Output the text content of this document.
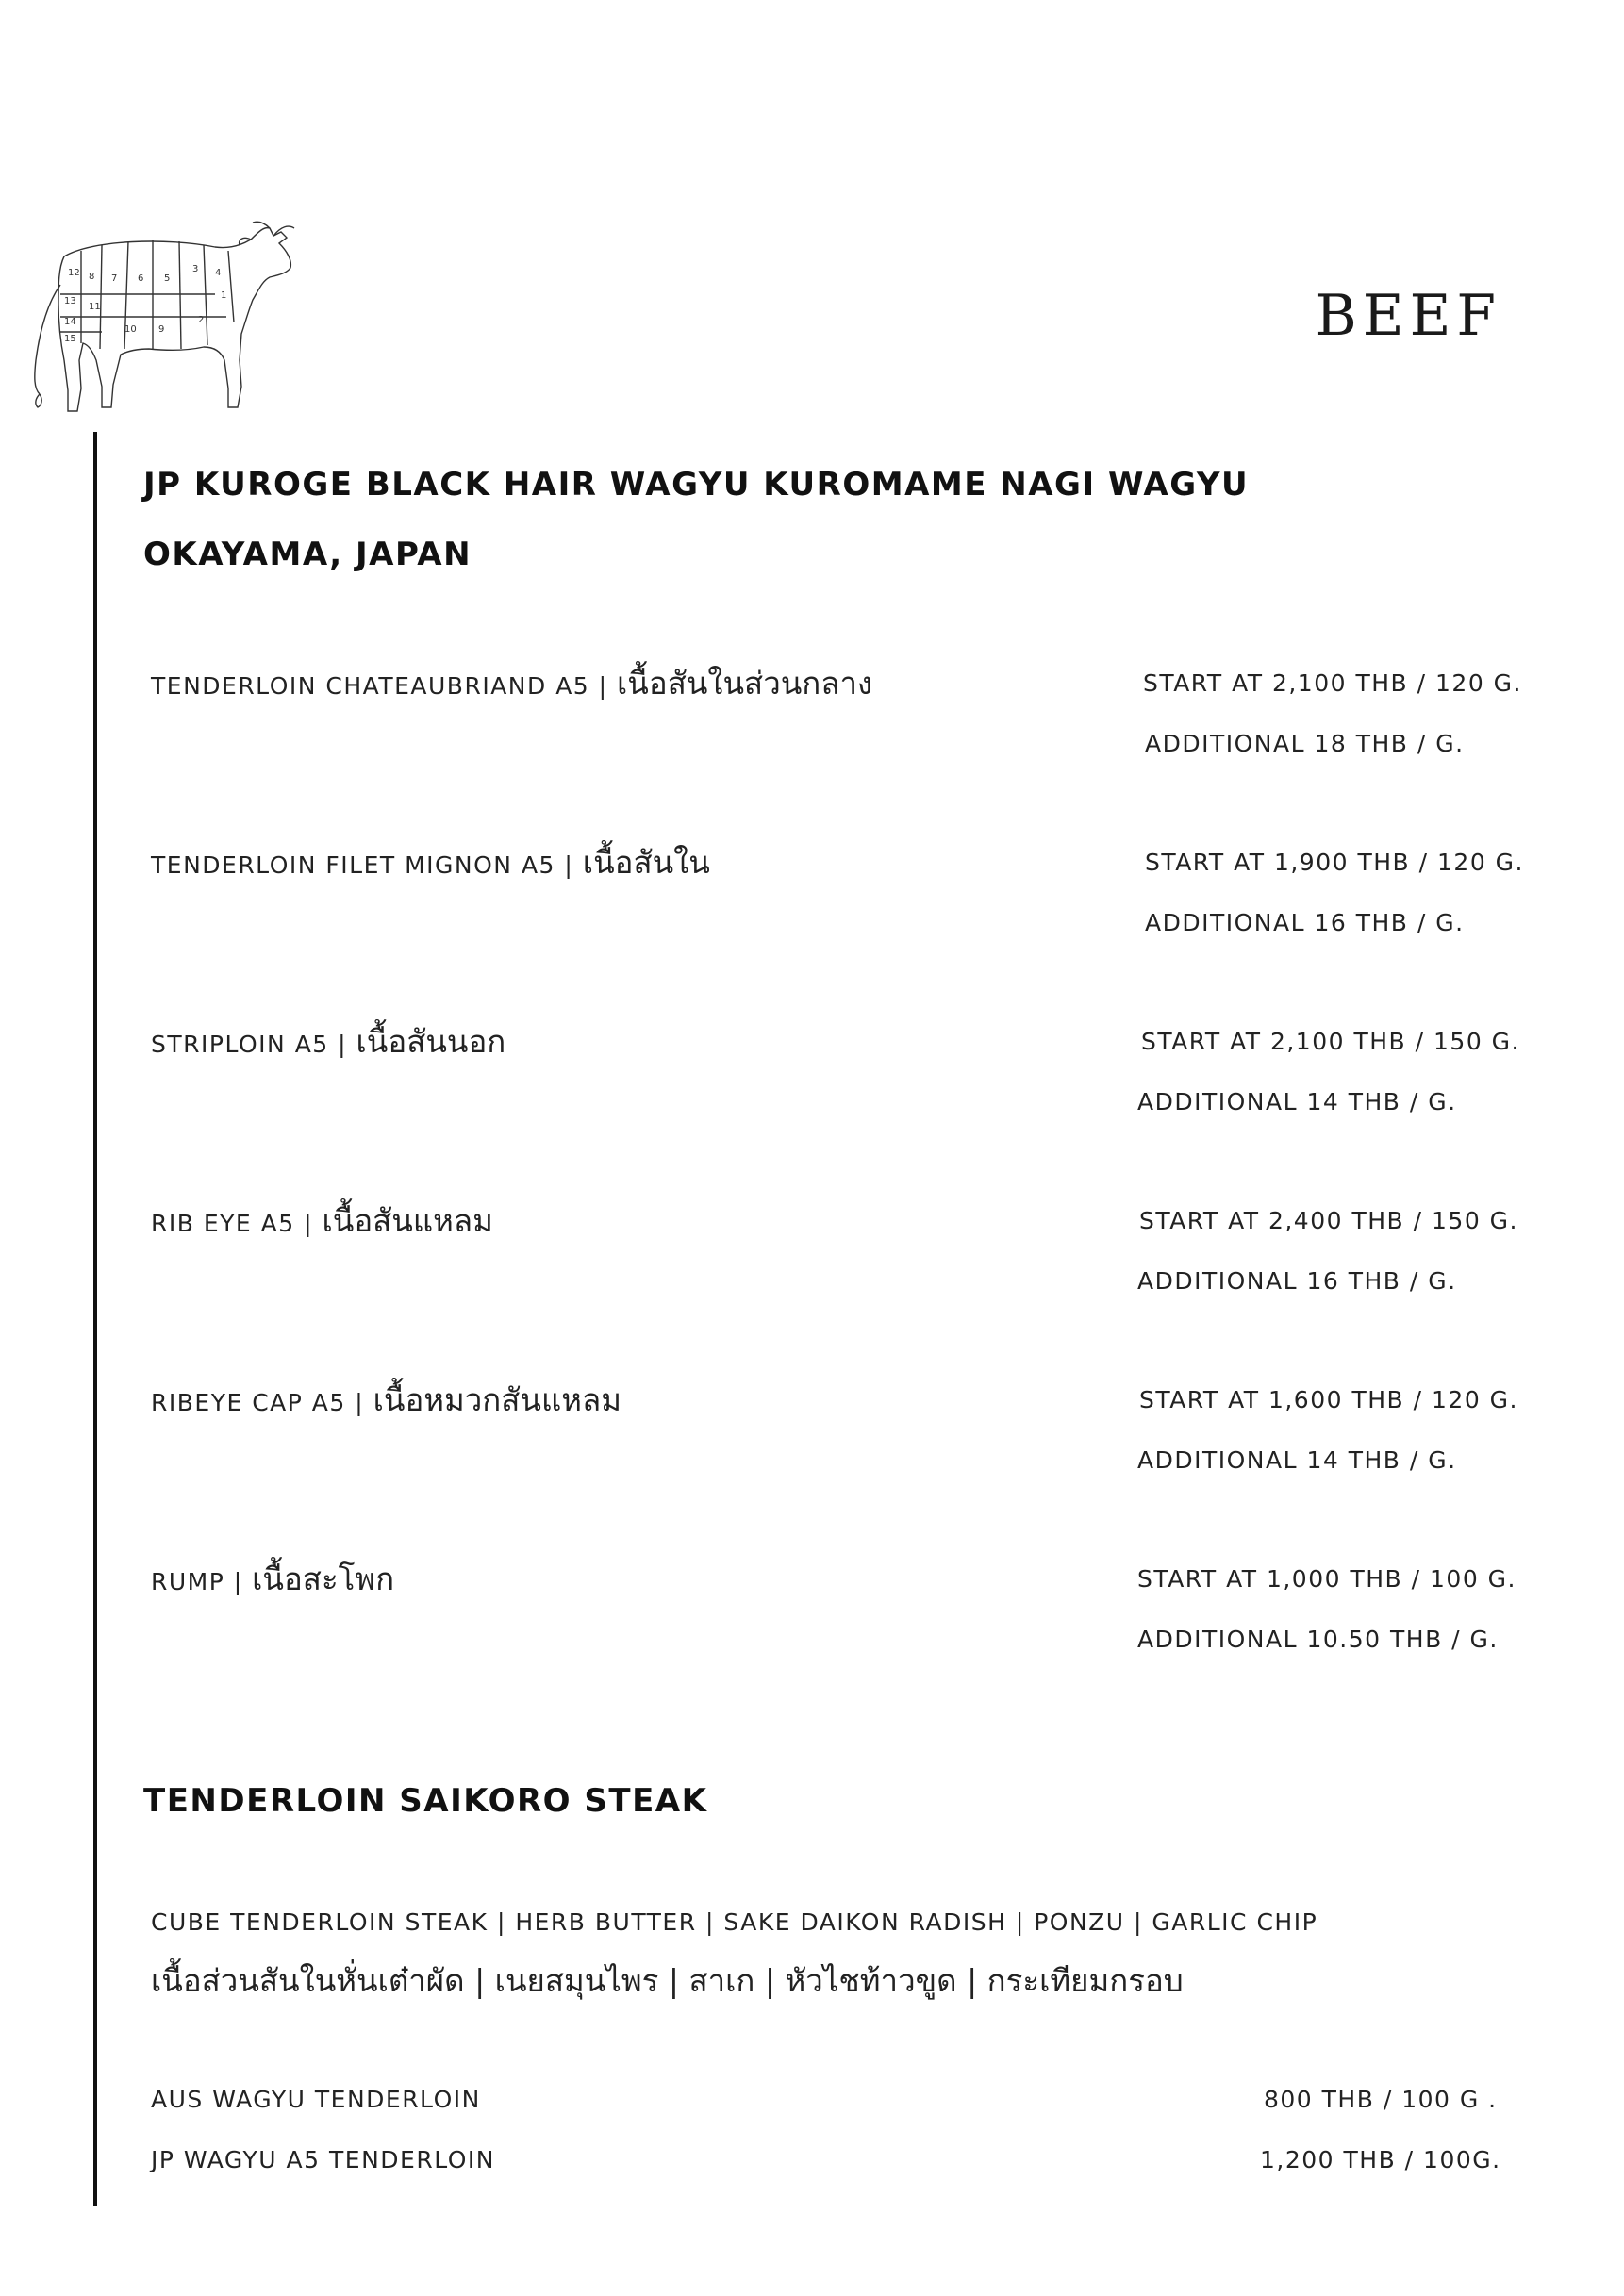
12 8 7 6 5
4
3
13
11
10 9
14
15
2
1	BEEF
JP KUROGE BLACK HAIR WAGYU KUROMAME NAGI WAGYU
OKAYAMA, JAPAN
TENDERLOIN CHATEAUBRIAND A5 | เนื้อสันในส่วนกลาง	START AT 2,100 THB / 120 G.
ADDITIONAL 18 THB / G.
TENDERLOIN FILET MIGNON A5 | เนื้อสันใน	START AT 1,900 THB / 120 G.
ADDITIONAL 16 THB / G.
STRIPLOIN A5 | เนื้อสันนอก	START AT 2,100 THB / 150 G.
ADDITIONAL 14 THB / G.
RIB EYE A5 | เนื้อสันแหลม	START AT 2,400 THB / 150 G.
ADDITIONAL 16 THB / G.
RIBEYE CAP A5 | เนื้อหมวกสันแหลม	START AT 1,600 THB / 120 G.
ADDITIONAL 14 THB / G.
RUMP | เนื้อสะโพก	START AT 1,000 THB / 100 G.
ADDITIONAL 10.50 THB / G.
TENDERLOIN SAIKORO STEAK
CUBE TENDERLOIN STEAK | HERB BUTTER | SAKE DAIKON RADISH | PONZU | GARLIC CHIP
เนื้อส่วนสันในหั่นเต๋าผัด | เนยสมุนไพร | สาเก | หัวไชท้าวขูด | กระเทียมกรอบ
AUS WAGYU TENDERLOIN	800 THB / 100 G .
JP WAGYU A5 TENDERLOIN	1,200 THB / 100G.
